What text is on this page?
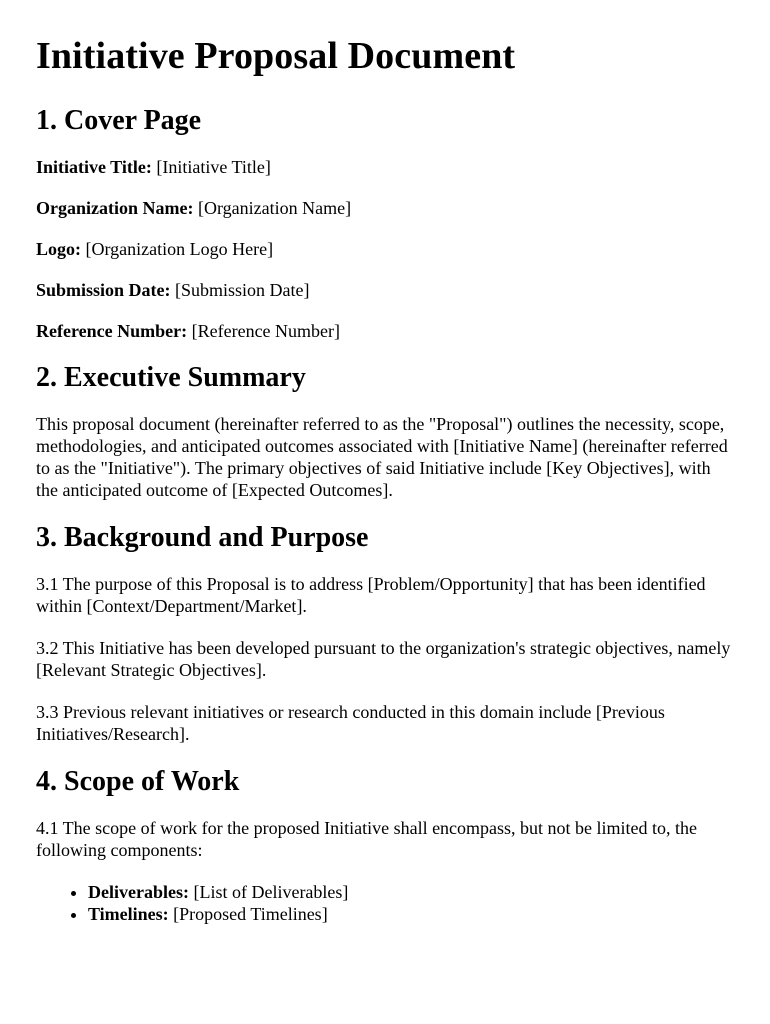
Initiative Proposal Document
1. Cover Page

Initiative Title: [Initiative Title]

Organization Name: [Organization Name]

Logo: [Organization Logo Here]

Submission Date: [Submission Date]

Reference Number: [Reference Number]

2. Executive Summary

This proposal document (hereinafter referred to as the "Proposal") outlines the necessity, scope, methodologies, and anticipated outcomes associated with [Initiative Name] (hereinafter referred to as the "Initiative"). The primary objectives of said Initiative include [Key Objectives], with the anticipated outcome of [Expected Outcomes].

3. Background and Purpose

3.1 The purpose of this Proposal is to address [Problem/Opportunity] that has been identified within [Context/Department/Market].

3.2 This Initiative has been developed pursuant to the organization's strategic objectives, namely [Relevant Strategic Objectives].

3.3 Previous relevant initiatives or research conducted in this domain include [Previous Initiatives/Research].

4. Scope of Work

4.1 The scope of work for the proposed Initiative shall encompass, but not be limited to, the following components:

• Deliverables: [List of Deliverables]
• Timelines: [Proposed Timelines]
